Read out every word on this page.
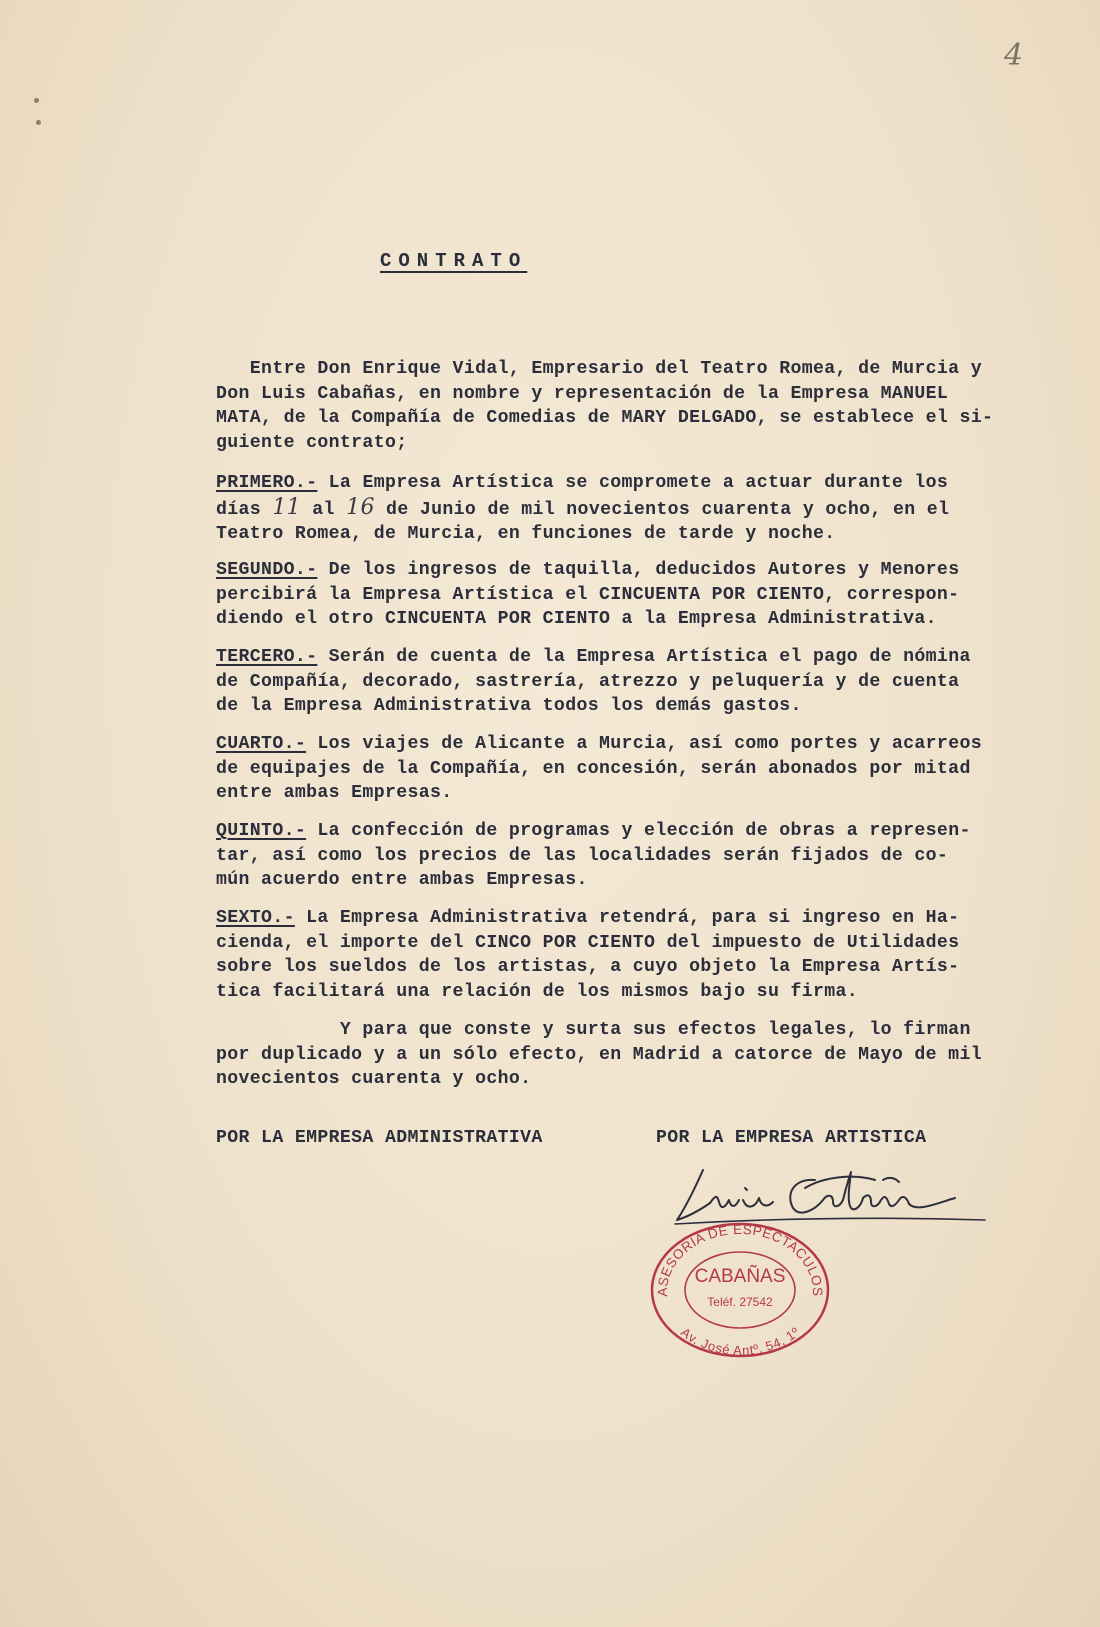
4
CONTRATO

Entre Don Enrique Vidal, Empresario del Teatro Romea, de Murcia y
Don Luis Cabañas, en nombre y representación de la Empresa MANUEL
MATA, de la Compañía de Comedias de MARY DELGADO, se establece el si-
guiente contrato;

PRIMERO.- La Empresa Artística se compromete a actuar durante los
días 11 al 16 de Junio de mil novecientos cuarenta y ocho, en el
Teatro Romea, de Murcia, en funciones de tarde y noche.

SEGUNDO.- De los ingresos de taquilla, deducidos Autores y Menores
percibirá la Empresa Artística el CINCUENTA POR CIENTO, correspon-
diendo el otro CINCUENTA POR CIENTO a la Empresa Administrativa.

TERCERO.- Serán de cuenta de la Empresa Artística el pago de nómina
de Compañía, decorado, sastrería, atrezzo y peluquería y de cuenta
de la Empresa Administrativa todos los demás gastos.

CUARTO.- Los viajes de Alicante a Murcia, así como portes y acarreos
de equipajes de la Compañía, en concesión, serán abonados por mitad
entre ambas Empresas.

QUINTO.- La confección de programas y elección de obras a represen-
tar, así como los precios de las localidades serán fijados de co-
mún acuerdo entre ambas Empresas.

SEXTO.- La Empresa Administrativa retendrá, para si ingreso en Ha-
cienda, el importe del CINCO POR CIENTO del impuesto de Utilidades
sobre los sueldos de los artistas, a cuyo objeto la Empresa Artís-
tica facilitará una relación de los mismos bajo su firma.

Y para que conste y surta sus efectos legales, lo firman
por duplicado y a un sólo efecto, en Madrid a catorce de Mayo de mil
novecientos cuarenta y ocho.

POR LA EMPRESA ADMINISTRATIVA	POR LA EMPRESA ARTISTICA
ASESORIA DE ESPECTACULOS
CABAÑAS
Teléf. 27542
Av. José Antº. 54, 1º
